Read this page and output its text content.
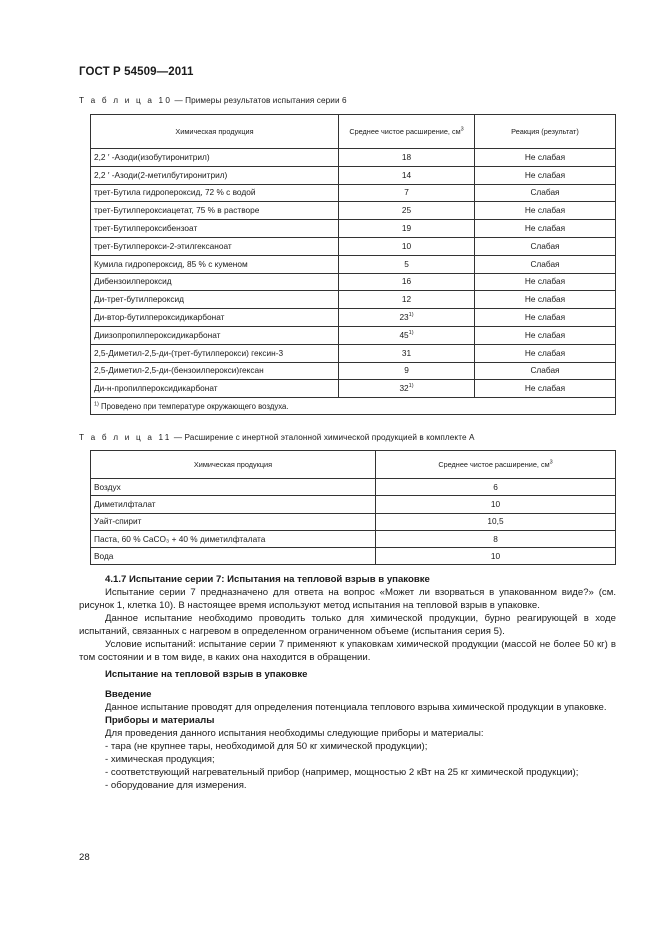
ГОСТ Р 54509—2011
Т а б л и ц а 10 — Примеры результатов испытания серии 6
Химическая продукция	Среднее чистое расширение, $см^3$	Реакция (результат)
2,2 ′ -Азоди(изобутиронитрил)	18	Не слабая
2,2 ′ -Азоди(2-метилбутиронитрил)	14	Не слабая
трет-Бутила гидропероксид, 72 % с водой	7	Слабая
трет-Бутилпероксиацетат, 75 % в растворе	25	Не слабая
трет-Бутилпероксибензоат	19	Не слабая
трет-Бутилперокси-2-этилгексаноат	10	Слабая
Кумила гидропероксид, 85 % с куменом	5	Слабая
Дибензоилпероксид	16	Не слабая
Ди-трет-бутилпероксид	12	Не слабая
Ди-втор-бутилпероксидикарбонат	23$^{1)}$	Не слабая
Диизопропилпероксидикарбонат	45$^{1)}$	Не слабая
2,5-Диметил-2,5-ди-(трет-бутилперокси) гексин-3	31	Не слабая
2,5-Диметил-2,5-ди-(бензоилперокси)гексан	9	Слабая
Ди-н-пропилпероксидикарбонат	32$^{1)}$	Не слабая
$^{1)}$ Проведено при температуре окружающего воздуха.		
Т а б л и ц а 11 — Расширение с инертной эталонной химической продукцией в комплекте А
Химическая продукция	Среднее чистое расширение, $см^3$
Воздух	6
Диметилфталат	10
Уайт-спирит	10,5
Паста, 60 % CaCO₃ + 40 % диметилфталата	8
Вода	10

4.1.7 Испытание серии 7: Испытания на тепловой взрыв в упаковке

Испытание серии 7 предназначено для ответа на вопрос «Может ли взорваться в упакованном виде?» (см. рисунок 1, клетка 10). В настоящее время используют метод испытания на тепловой взрыв в упаковке.

Данное испытание необходимо проводить только для химической продукции, бурно реагирующей в ходе испытаний, связанных с нагревом в определенном ограниченном объеме (испытания серия 5).

Условие испытаний: испытание серии 7 применяют к упаковкам химической продукции (массой не более 50 кг) в том состоянии и в том виде, в каких она находится в обращении.

Испытание на тепловой взрыв в упаковке

Введение

Данное испытание проводят для определения потенциала теплового взрыва химической продукции в упаковке.

Приборы и материалы

Для проведения данного испытания необходимы следующие приборы и материалы:

- тара (не крупнее тары, необходимой для 50 кг химической продукции);

- химическая продукция;

- соответствующий нагревательный прибор (например, мощностью 2 кВт на 25 кг химической продукции);

- оборудование для измерения.

28
